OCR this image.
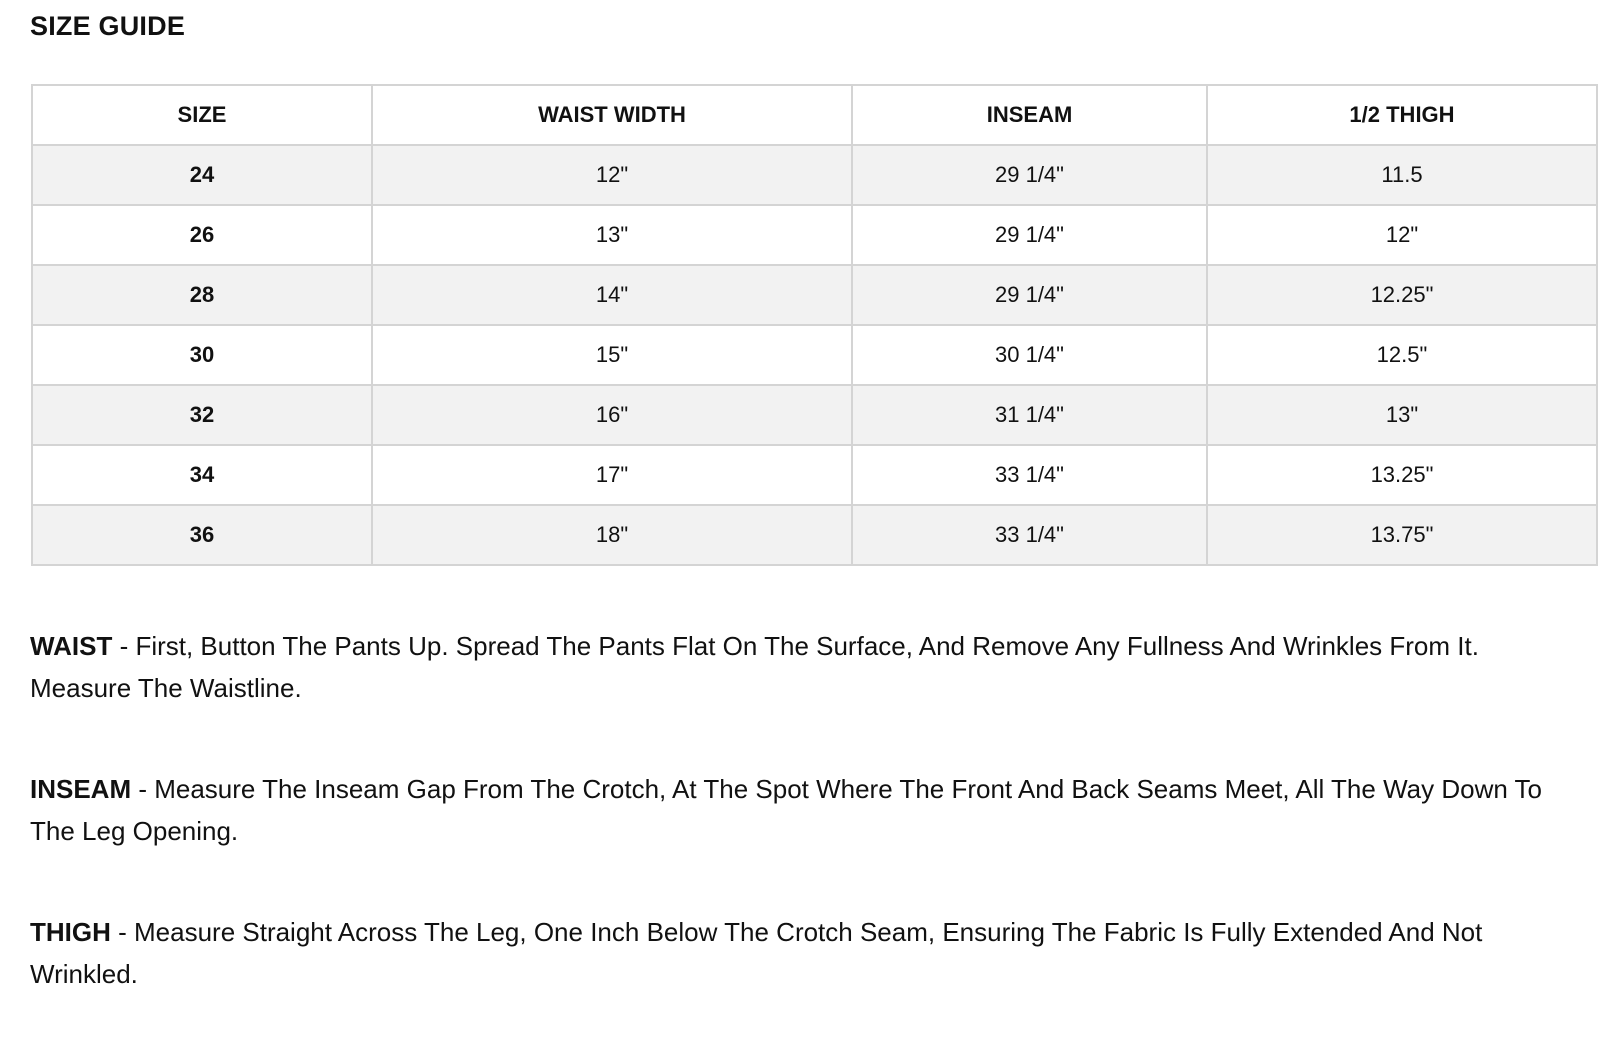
SIZE GUIDE
SIZE	WAIST WIDTH	INSEAM	1/2 THIGH
24	12"	29 1/4"	11.5
26	13"	29 1/4"	12"
28	14"	29 1/4"	12.25"
30	15"	30 1/4"	12.5"
32	16"	31 1/4"	13"
34	17"	33 1/4"	13.25"
36	18"	33 1/4"	13.75"

WAIST - First, Button The Pants Up. Spread The Pants Flat On The Surface, And Remove Any Fullness And Wrinkles From It. Measure The Waistline.

INSEAM - Measure The Inseam Gap From The Crotch, At The Spot Where The Front And Back Seams Meet, All The Way Down To The Leg Opening.

THIGH - Measure Straight Across The Leg, One Inch Below The Crotch Seam, Ensuring The Fabric Is Fully Extended And Not Wrinkled.
